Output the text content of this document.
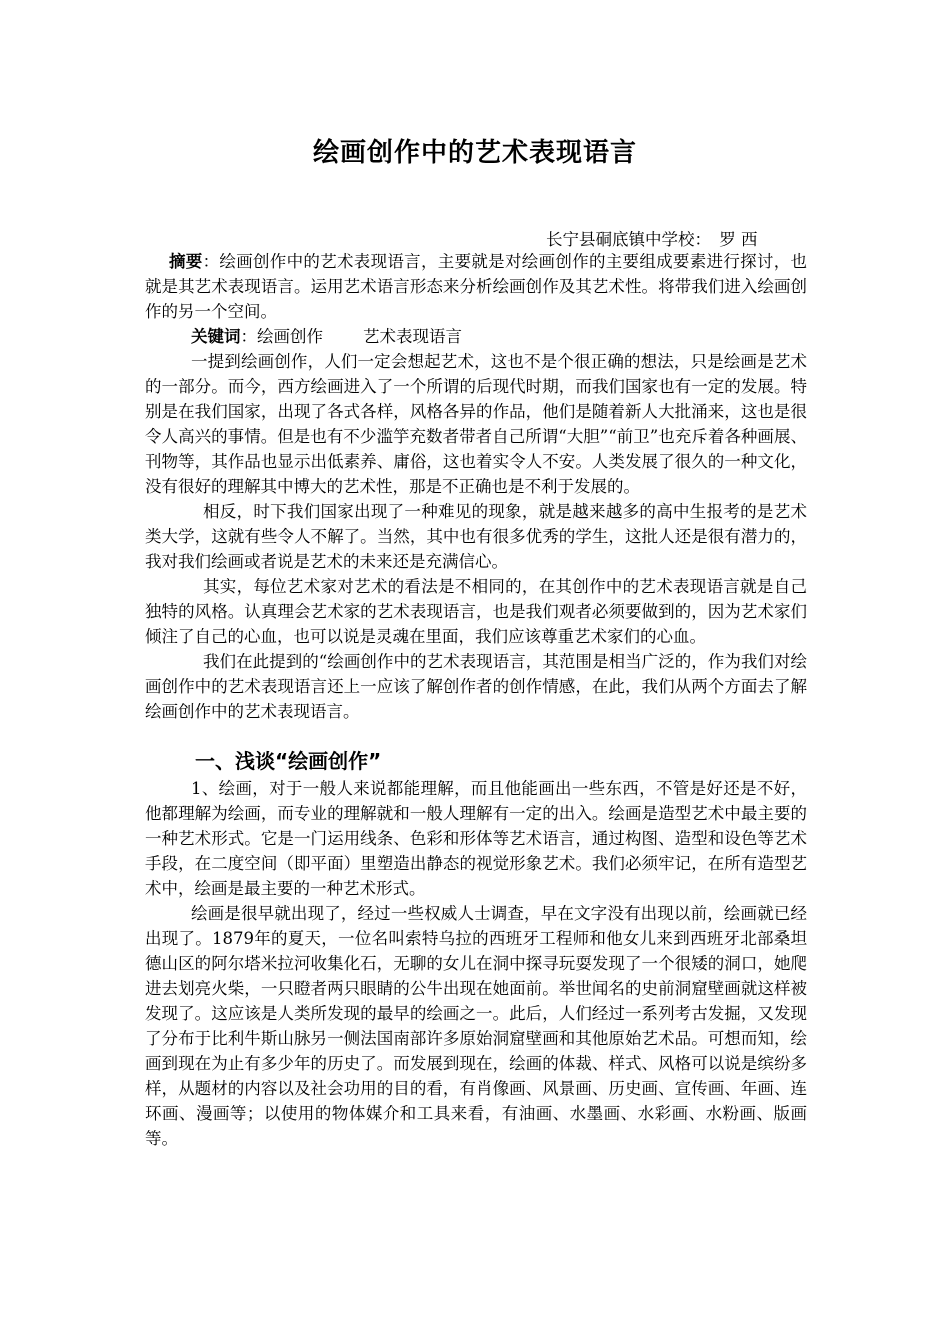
绘画创作中的艺术表现语言

长宁县硐底镇中学校：　罗 西

摘要：绘画创作中的艺术表现语言，主要就是对绘画创作的主要组成要素进行探讨，也就是其艺术表现语言。运用艺术语言形态来分析绘画创作及其艺术性。将带我们进入绘画创作的另一个空间。

关键词：绘画创作 艺术表现语言

一提到绘画创作，人们一定会想起艺术，这也不是个很正确的想法，只是绘画是艺术的一部分。而今，西方绘画进入了一个所谓的后现代时期，而我们国家也有一定的发展。特别是在我们国家，出现了各式各样，风格各异的作品，他们是随着新人大批涌来，这也是很令人高兴的事情。但是也有不少滥竽充数者带者自己所谓“大胆”“前卫”也充斥着各种画展、刊物等，其作品也显示出低素养、庸俗，这也着实令人不安。人类发展了很久的一种文化，没有很好的理解其中博大的艺术性，那是不正确也是不利于发展的。

相反，时下我们国家出现了一种难见的现象，就是越来越多的高中生报考的是艺术类大学，这就有些令人不解了。当然，其中也有很多优秀的学生，这批人还是很有潜力的，我对我们绘画或者说是艺术的未来还是充满信心。

其实，每位艺术家对艺术的看法是不相同的，在其创作中的艺术表现语言就是自己独特的风格。认真理会艺术家的艺术表现语言，也是我们观者必须要做到的，因为艺术家们倾注了自己的心血，也可以说是灵魂在里面，我们应该尊重艺术家们的心血。

我们在此提到的“绘画创作中的艺术表现语言，其范围是相当广泛的，作为我们对绘画创作中的艺术表现语言还上一应该了解创作者的创作情感，在此，我们从两个方面去了解绘画创作中的艺术表现语言。

一、浅谈“绘画创作”

1、绘画，对于一般人来说都能理解，而且他能画出一些东西，不管是好还是不好，他都理解为绘画，而专业的理解就和一般人理解有一定的出入。绘画是造型艺术中最主要的一种艺术形式。它是一门运用线条、色彩和形体等艺术语言，通过构图、造型和设色等艺术手段，在二度空间（即平面）里塑造出静态的视觉形象艺术。我们必须牢记，在所有造型艺术中，绘画是最主要的一种艺术形式。

绘画是很早就出现了，经过一些权威人士调查，早在文字没有出现以前，绘画就已经出现了。1879年的夏天，一位名叫索特乌拉的西班牙工程师和他女儿来到西班牙北部桑坦德山区的阿尔塔米拉河收集化石，无聊的女儿在洞中探寻玩耍发现了一个很矮的洞口，她爬进去划亮火柴，一只瞪者两只眼睛的公牛出现在她面前。举世闻名的史前洞窟壁画就这样被发现了。这应该是人类所发现的最早的绘画之一。此后，人们经过一系列考古发掘，又发现了分布于比利牛斯山脉另一侧法国南部许多原始洞窟壁画和其他原始艺术品。可想而知，绘画到现在为止有多少年的历史了。而发展到现在，绘画的体裁、样式、风格可以说是缤纷多样，从题材的内容以及社会功用的目的看，有肖像画、风景画、历史画、宣传画、年画、连环画、漫画等；以使用的物体媒介和工具来看，有油画、水墨画、水彩画、水粉画、版画等。
